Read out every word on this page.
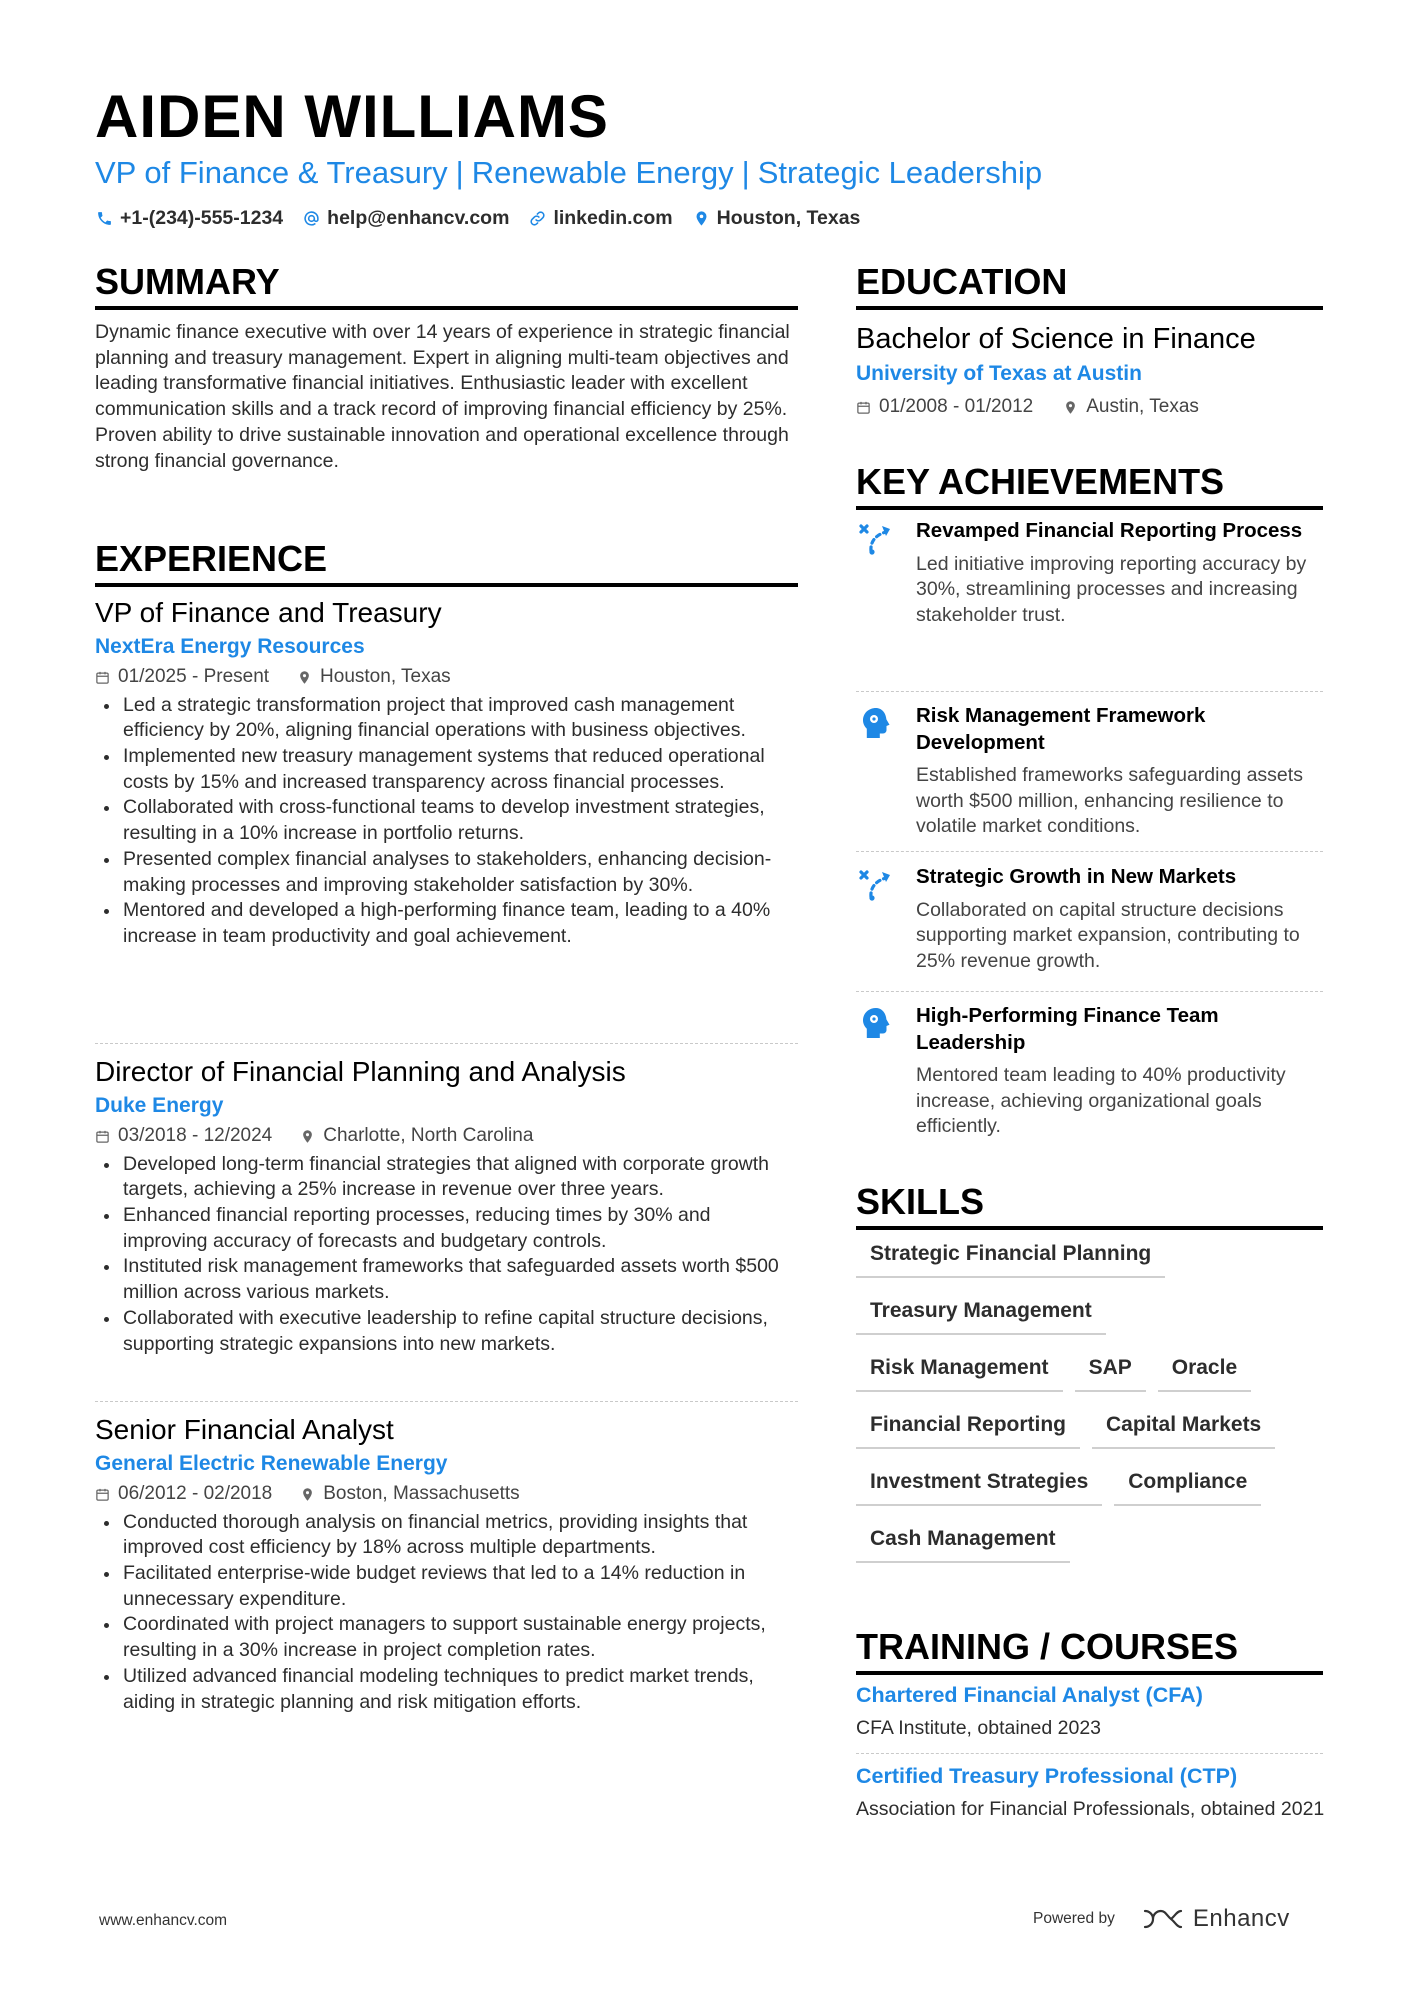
AIDEN WILLIAMS
VP of Finance & Treasury | Renewable Energy | Strategic Leadership
+1-(234)-555-1234 help@enhancv.com linkedin.com Houston, Texas
SUMMARY
Dynamic finance executive with over 14 years of experience in strategic financial planning and treasury management. Expert in aligning multi-team objectives and leading transformative financial initiatives. Enthusiastic leader with excellent communication skills and a track record of improving financial efficiency by 25%. Proven ability to drive sustainable innovation and operational excellence through strong financial governance.
EXPERIENCE
VP of Finance and Treasury
NextEra Energy Resources
01/2025 - Present	Houston, Texas
Led a strategic transformation project that improved cash management efficiency by 20%, aligning financial operations with business objectives.
Implemented new treasury management systems that reduced operational costs by 15% and increased transparency across financial processes.
Collaborated with cross-functional teams to develop investment strategies, resulting in a 10% increase in portfolio returns.
Presented complex financial analyses to stakeholders, enhancing decision-making processes and improving stakeholder satisfaction by 30%.
Mentored and developed a high-performing finance team, leading to a 40% increase in team productivity and goal achievement.
Director of Financial Planning and Analysis
Duke Energy
03/2018 - 12/2024	Charlotte, North Carolina
Developed long-term financial strategies that aligned with corporate growth targets, achieving a 25% increase in revenue over three years.
Enhanced financial reporting processes, reducing times by 30% and improving accuracy of forecasts and budgetary controls.
Instituted risk management frameworks that safeguarded assets worth $500 million across various markets.
Collaborated with executive leadership to refine capital structure decisions, supporting strategic expansions into new markets.
Senior Financial Analyst
General Electric Renewable Energy
06/2012 - 02/2018	Boston, Massachusetts
Conducted thorough analysis on financial metrics, providing insights that improved cost efficiency by 18% across multiple departments.
Facilitated enterprise-wide budget reviews that led to a 14% reduction in unnecessary expenditure.
Coordinated with project managers to support sustainable energy projects, resulting in a 30% increase in project completion rates.
Utilized advanced financial modeling techniques to predict market trends, aiding in strategic planning and risk mitigation efforts.
EDUCATION
Bachelor of Science in Finance
University of Texas at Austin
01/2008 - 01/2012	Austin, Texas
KEY ACHIEVEMENTS
Revamped Financial Reporting Process
Led initiative improving reporting accuracy by 30%, streamlining processes and increasing stakeholder trust.
Risk Management Framework Development
Established frameworks safeguarding assets worth $500 million, enhancing resilience to volatile market conditions.
Strategic Growth in New Markets
Collaborated on capital structure decisions supporting market expansion, contributing to 25% revenue growth.
High-Performing Finance Team Leadership
Mentored team leading to 40% productivity increase, achieving organizational goals efficiently.
SKILLS
Strategic Financial Planning
Treasury Management
Risk Management	SAP	Oracle
Financial Reporting	Capital Markets
Investment Strategies	Compliance
Cash Management
TRAINING / COURSES
Chartered Financial Analyst (CFA)
CFA Institute, obtained 2023
Certified Treasury Professional (CTP)
Association for Financial Professionals, obtained 2021
www.enhancv.com	Powered by	Enhancv
